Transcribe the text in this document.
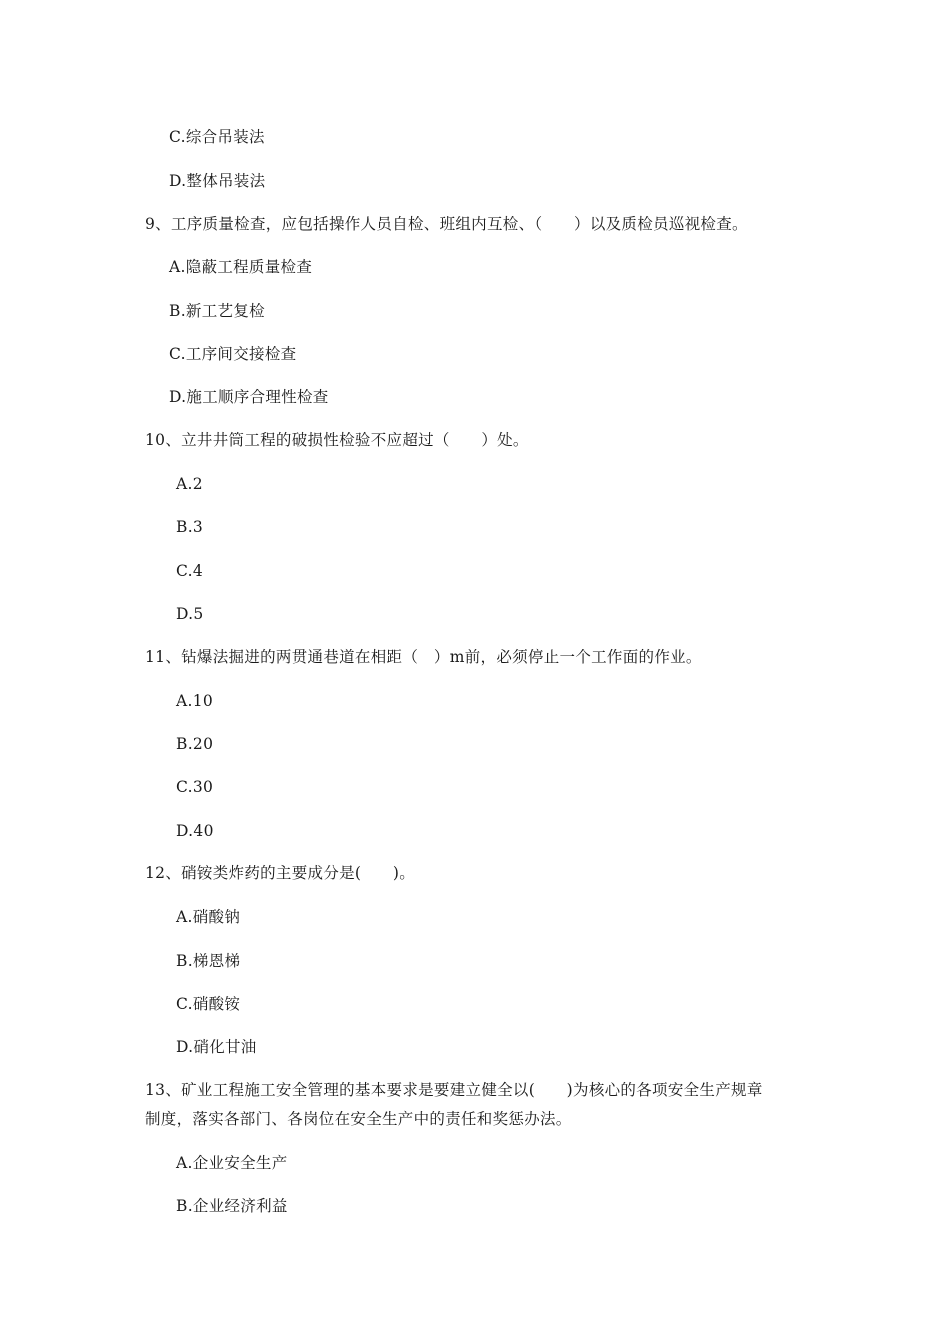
C.综合吊装法
D.整体吊装法
9、工序质量检查，应包括操作人员自检、班组内互检、（　　）以及质检员巡视检查。
A.隐蔽工程质量检查
B.新工艺复检
C.工序间交接检查
D.施工顺序合理性检查
10、立井井筒工程的破损性检验不应超过（　　）处。
A.2
B.3
C.4
D.5
11、钻爆法掘进的两贯通巷道在相距（　）m前，必须停止一个工作面的作业。
A.10
B.20
C.30
D.40
12、硝铵类炸药的主要成分是(　　)。
A.硝酸钠
B.梯恩梯
C.硝酸铵
D.硝化甘油
13、矿业工程施工安全管理的基本要求是要建立健全以(　　)为核心的各项安全生产规章
制度，落实各部门、各岗位在安全生产中的责任和奖惩办法。
A.企业安全生产
B.企业经济利益
